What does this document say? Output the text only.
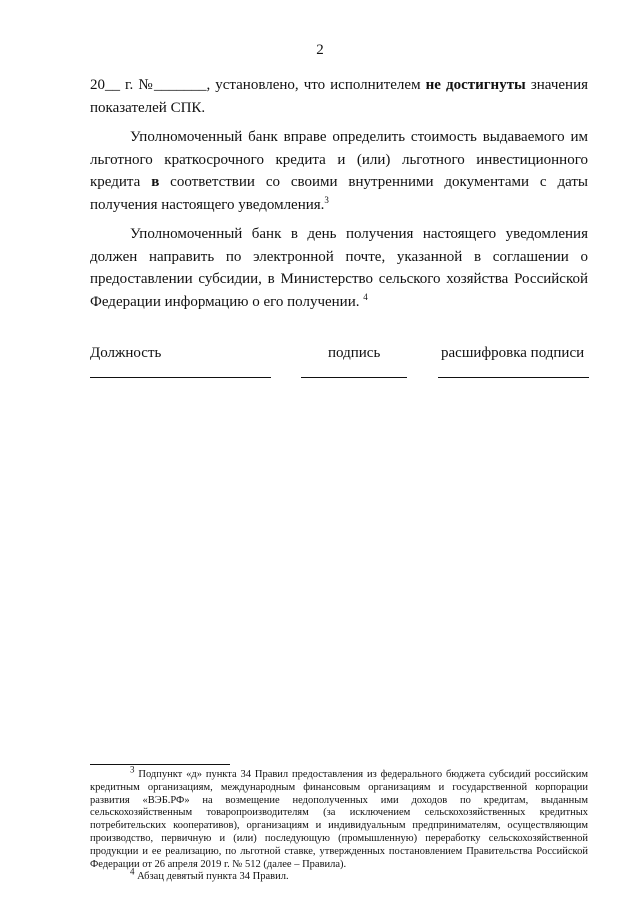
2

20__ г. №_______, установлено, что исполнителем не достигнуты значения показателей СПК.

Уполномоченный банк вправе определить стоимость выдаваемого им льготного краткосрочного кредита и (или) льготного инвестиционного кредита в соответствии со своими внутренними документами с даты получения настоящего уведомления.$^3$

Уполномоченный банк в день получения настоящего уведомления должен направить по электронной почте, указанной в соглашении о предоставлении субсидии, в Министерство сельского хозяйства Российской Федерации информацию о его получении. $^4$

Должность	подпись	расшифровка подписи

$^3$ Подпункт «д» пункта 34 Правил предоставления из федерального бюджета субсидий российским кредитным организациям, международным финансовым организациям и государственной корпорации развития «ВЭБ.РФ» на возмещение недополученных ими доходов по кредитам, выданным сельскохозяйственным товаропроизводителям (за исключением сельскохозяйственных кредитных потребительских кооперативов), организациям и индивидуальным предпринимателям, осуществляющим производство, первичную и (или) последующую (промышленную) переработку сельскохозяйственной продукции и ее реализацию, по льготной ставке, утвержденных постановлением Правительства Российской Федерации от 26 апреля 2019 г. № 512 (далее – Правила).

$^4$ Абзац девятый пункта 34 Правил.
